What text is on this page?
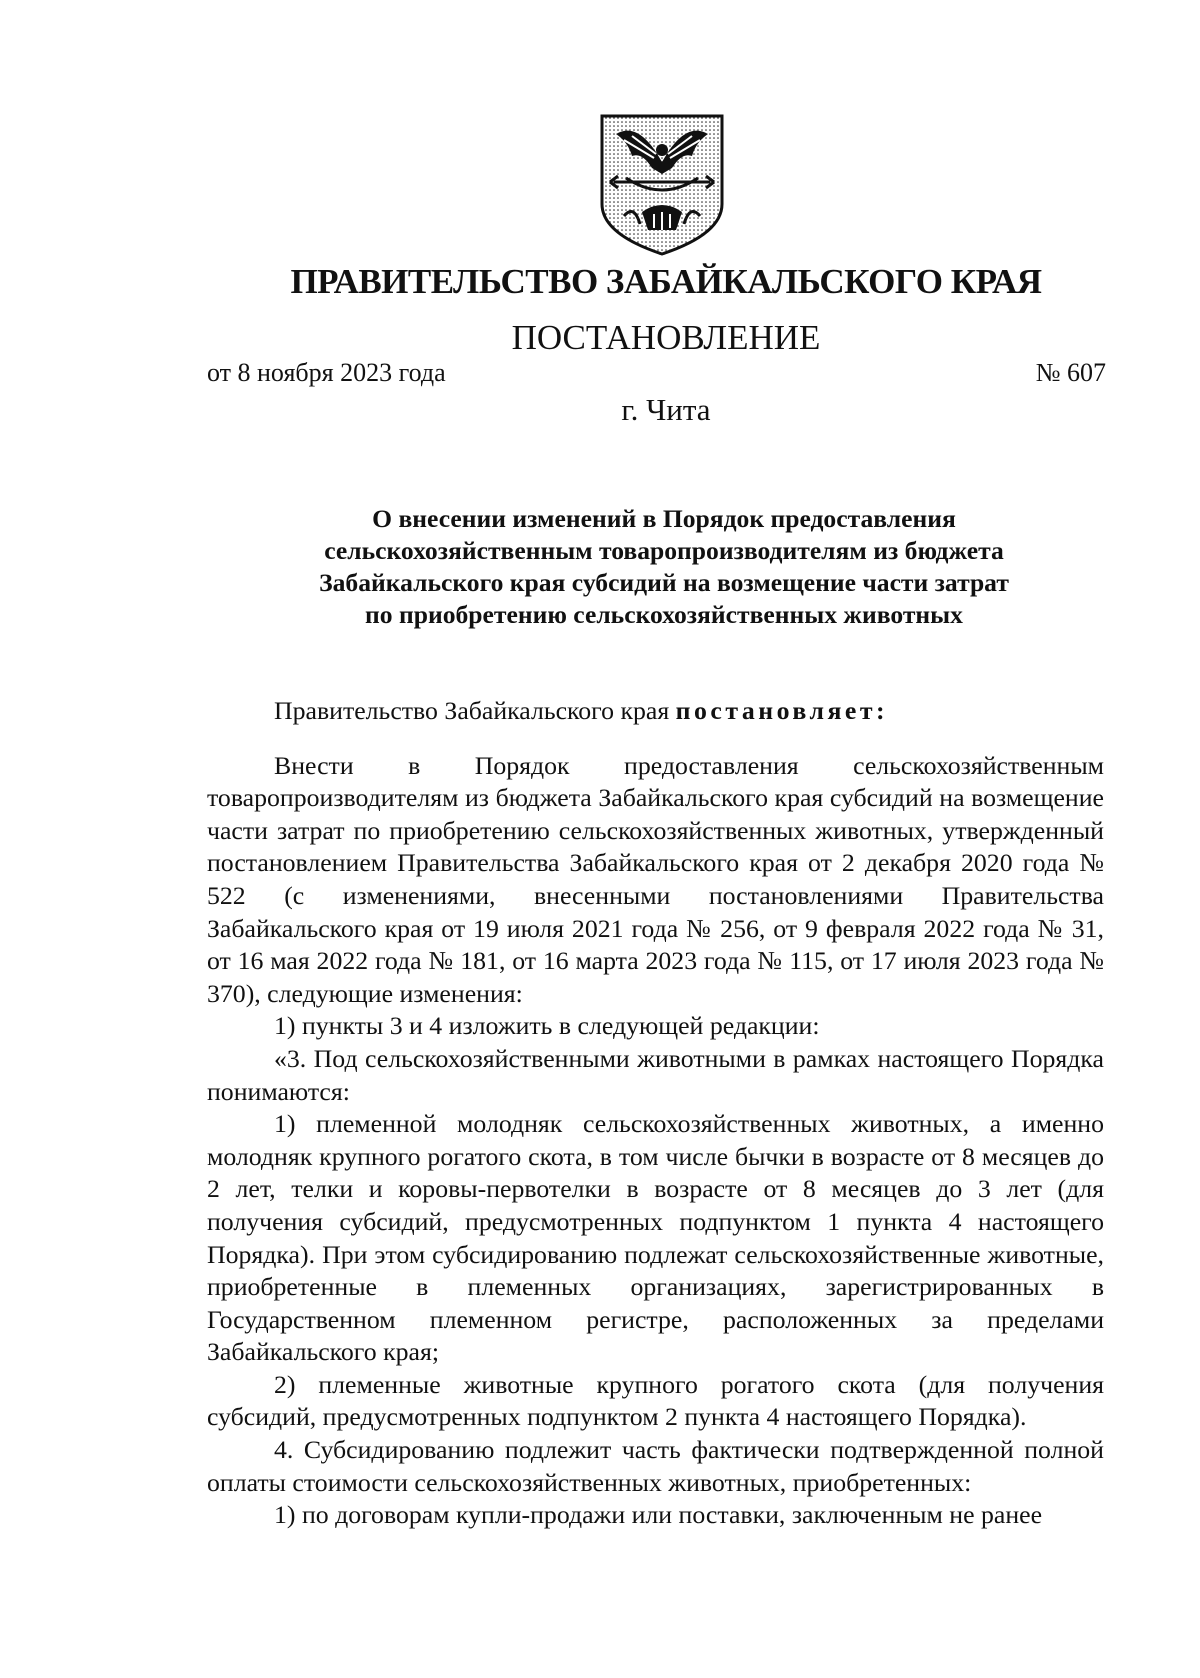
ПРАВИТЕЛЬСТВО ЗАБАЙКАЛЬСКОГО КРАЯ
ПОСТАНОВЛЕНИЕ
от 8 ноября 2023 года	№ 607
г. Чита
О внесении изменений в Порядок предоставления
сельскохозяйственным товаропроизводителям из бюджета
Забайкальского края субсидий на возмещение части затрат
по приобретению сельскохозяйственных животных

Правительство Забайкальского края постановляет:

Внести в Порядок предоставления сельскохозяйственным товаропроизводителям из бюджета Забайкальского края субсидий на возмещение части затрат по приобретению сельскохозяйственных животных, утвержденный постановлением Правительства Забайкальского края от 2 декабря 2020 года № 522 (с изменениями, внесенными постановлениями Правительства Забайкальского края от 19 июля 2021 года № 256, от 9 февраля 2022 года № 31, от 16 мая 2022 года № 181, от 16 марта 2023 года № 115, от 17 июля 2023 года № 370), следующие изменения:

1) пункты 3 и 4 изложить в следующей редакции:

«3. Под сельскохозяйственными животными в рамках настоящего Порядка понимаются:

1) племенной молодняк сельскохозяйственных животных, а именно молодняк крупного рогатого скота, в том числе бычки в возрасте от 8 месяцев до 2 лет, телки и коровы-первотелки в возрасте от 8 месяцев до 3 лет (для получения субсидий, предусмотренных подпунктом 1 пункта 4 настоящего Порядка). При этом субсидированию подлежат сельскохозяйственные животные, приобретенные в племенных организациях, зарегистрированных в Государственном племенном регистре, расположенных за пределами Забайкальского края;

2) племенные животные крупного рогатого скота (для получения субсидий, предусмотренных подпунктом 2 пункта 4 настоящего Порядка).

4. Субсидированию подлежит часть фактически подтвержденной полной оплаты стоимости сельскохозяйственных животных, приобретенных:

1) по договорам купли-продажи или поставки, заключенным не ранее
